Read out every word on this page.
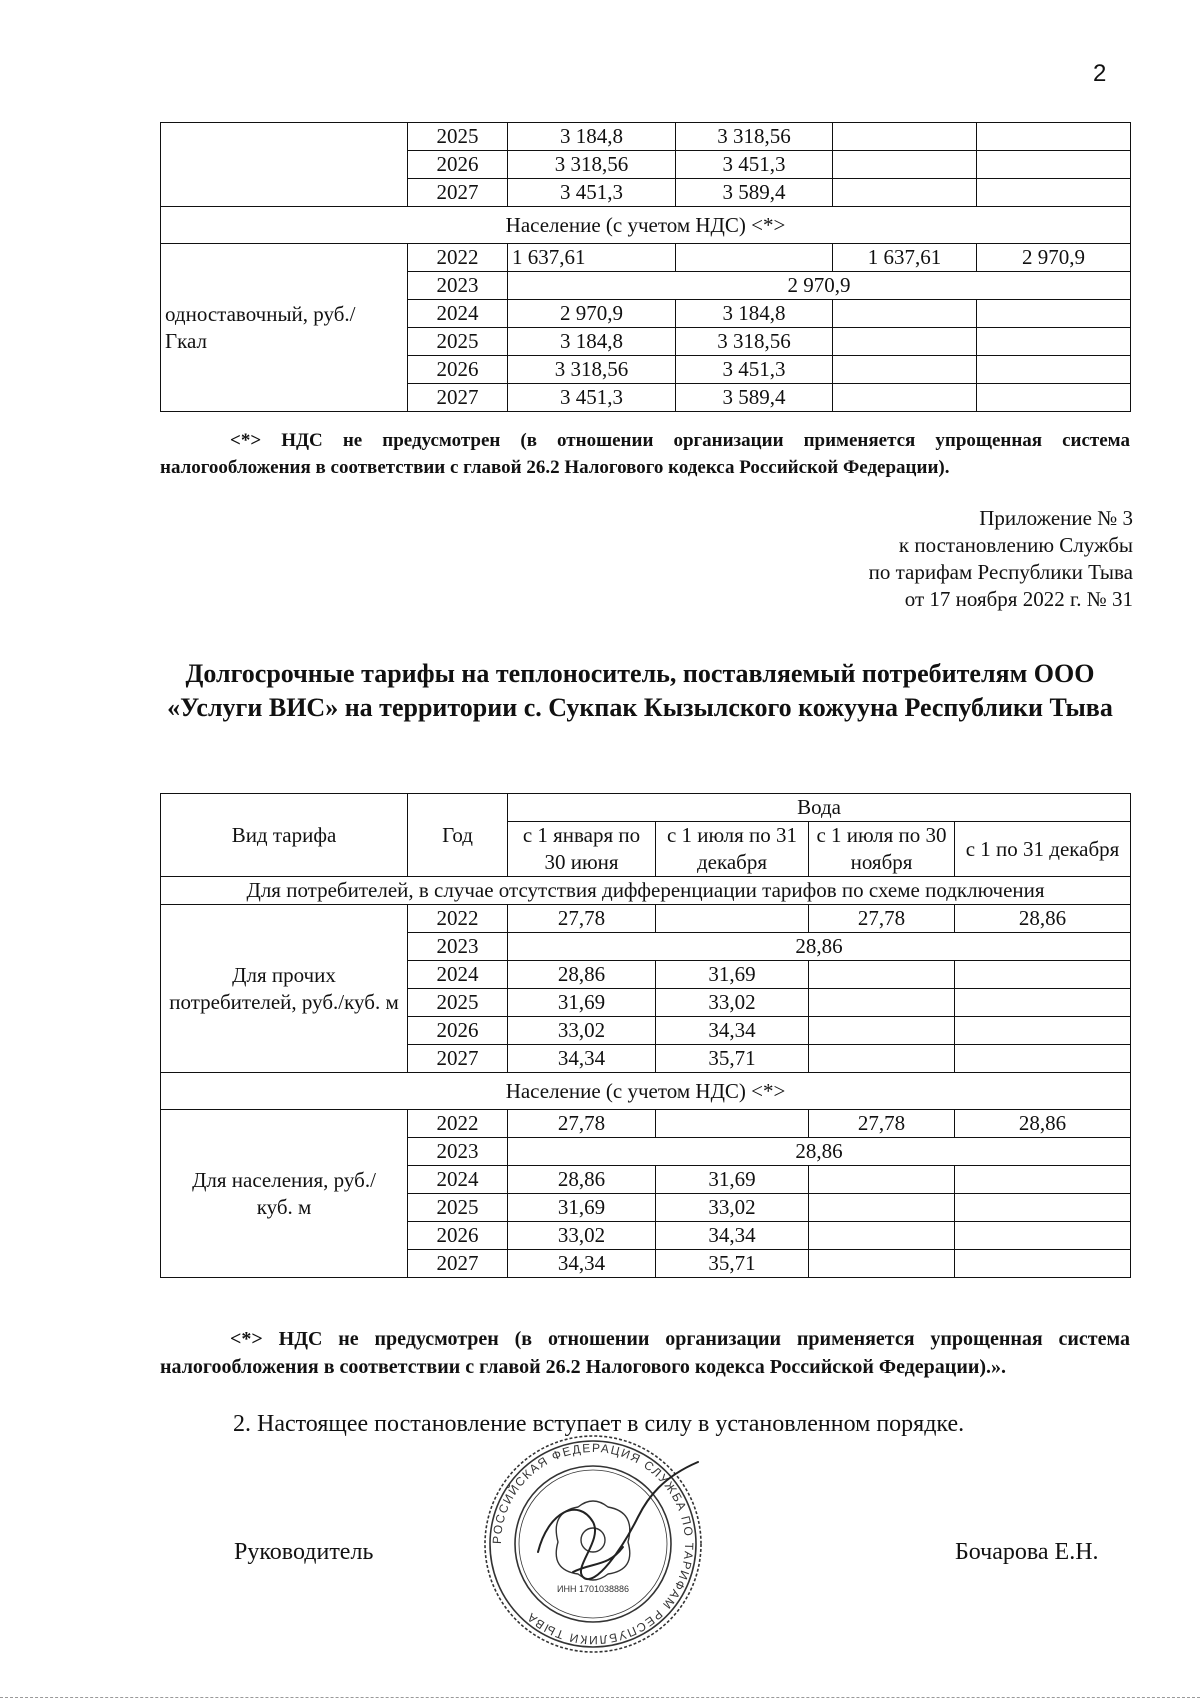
2
	2025	3 184,8	3 318,56		
	2026	3 318,56	3 451,3		
	2027	3 451,3	3 589,4		
Население (с учетом НДС) <*>					
одноставочный, руб./Гкал	2022	1 637,61		1 637,61	2 970,9
	2023	2 970,9			
	2024	2 970,9	3 184,8		
	2025	3 184,8	3 318,56		
	2026	3 318,56	3 451,3		
	2027	3 451,3	3 589,4		
<*> НДС не предусмотрен (в отношении организации применяется упрощенная система налогообложения в соответствии с главой 26.2 Налогового кодекса Российской Федерации).
Приложение № 3
к постановлению Службы
по тарифам Республики Тыва
от 17 ноября 2022 г. № 31
Долгосрочные тарифы на теплоноситель, поставляемый потребителям ООО «Услуги ВИС» на территории с. Сукпак Кызылского кожууна Республики Тыва
Вид тарифа	Год	Вода			
		с 1 января по 30 июня	с 1 июля по 31 декабря	с 1 июля по 30 ноября	с 1 по 31 декабря
Для потребителей, в случае отсутствия дифференциации тарифов по схеме подключения					
Для прочих потребителей, руб./куб. м	2022	27,78		27,78	28,86
	2023	28,86			
	2024	28,86	31,69		
	2025	31,69	33,02		
	2026	33,02	34,34		
	2027	34,34	35,71		
Население (с учетом НДС) <*>					
Для населения, руб./куб. м	2022	27,78		27,78	28,86
	2023	28,86			
	2024	28,86	31,69		
	2025	31,69	33,02		
	2026	33,02	34,34		
	2027	34,34	35,71		
<*> НДС не предусмотрен (в отношении организации применяется упрощенная система налогообложения в соответствии с главой 26.2 Налогового кодекса Российской Федерации).».
2. Настоящее постановление вступает в силу в установленном порядке.
Руководитель	Бочарова Е.Н.
РОССИЙСКАЯ ФЕДЕРАЦИЯ СЛУЖБА ПО ТАРИФАМ РЕСПУБЛИКИ ТЫВА
ИНН 1701038886
